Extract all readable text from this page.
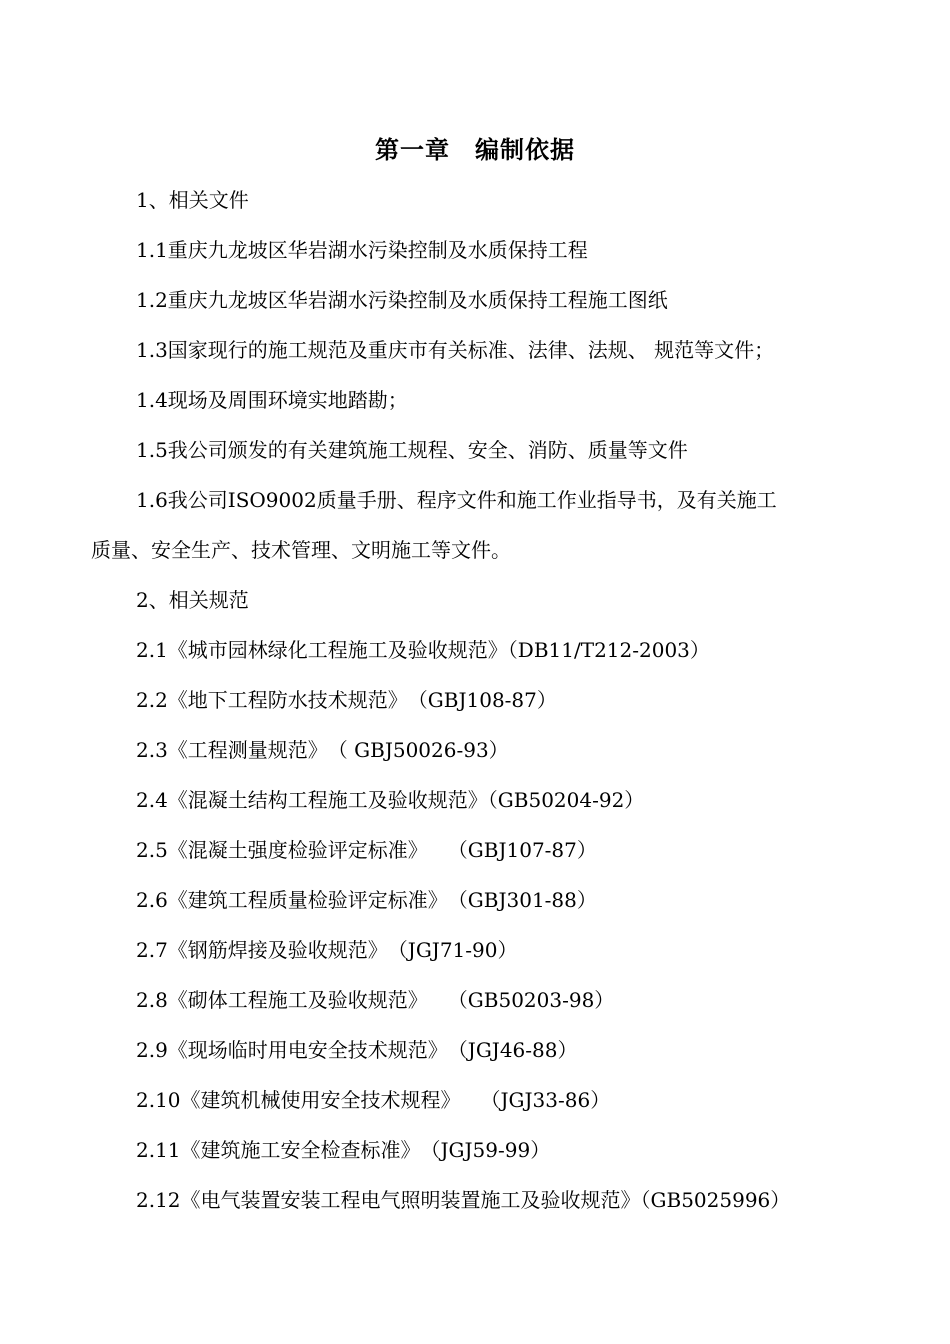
第一章　编制依据
1、相关文件
1.1重庆九龙坡区华岩湖水污染控制及水质保持工程
1.2重庆九龙坡区华岩湖水污染控制及水质保持工程施工图纸
1.3国家现行的施工规范及重庆市有关标准、法律、法规、 规范等文件；
1.4现场及周围环境实地踏勘；
1.5我公司颁发的有关建筑施工规程、安全、消防、质量等文件
1.6我公司ISO9002质量手册、程序文件和施工作业指导书，及有关施工
质量、安全生产、技术管理、文明施工等文件。
2、相关规范
2.1《城市园林绿化工程施工及验收规范》（DB11/T212-2003）
2.2《地下工程防水技术规范》　（GBJ108-87）
2.3《工程测量规范》　（ GBJ50026-93）
2.4《混凝土结构工程施工及验收规范》（GB50204-92）
2.5《混凝土强度检验评定标准》　　（GBJ107-87）
2.6《建筑工程质量检验评定标准》　（GBJ301-88）
2.7《钢筋焊接及验收规范》　（JGJ71-90）
2.8《砌体工程施工及验收规范》　　（GB50203-98）
2.9《现场临时用电安全技术规范》　（JGJ46-88）
2.10《建筑机械使用安全技术规程》　　（JGJ33-86）
2.11《建筑施工安全检查标准》　（JGJ59-99）
2.12《电气装置安装工程电气照明装置施工及验收规范》（GB5025996）
